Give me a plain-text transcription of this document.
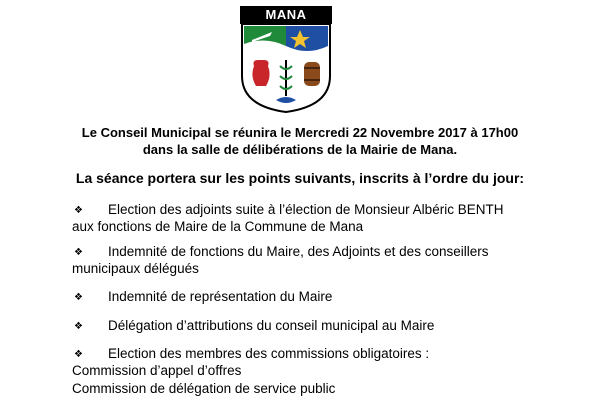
MANA
Le Conseil Municipal se réunira le Mercredi 22 Novembre 2017 à 17h00
dans la salle de délibérations de la Mairie de Mana.
La séance portera sur les points suivants, inscrits à l’ordre du jour:
❖ Election des adjoints suite à l’élection de Monsieur Albéric BENTH
aux fonctions de Maire de la Commune de Mana
❖ Indemnité de fonctions du Maire, des Adjoints et des conseillers
municipaux délégués
❖ Indemnité de représentation du Maire
❖ Délégation d’attributions du conseil municipal au Maire
❖ Election des membres des commissions obligatoires :
Commission d’appel d’offres
Commission de délégation de service public
